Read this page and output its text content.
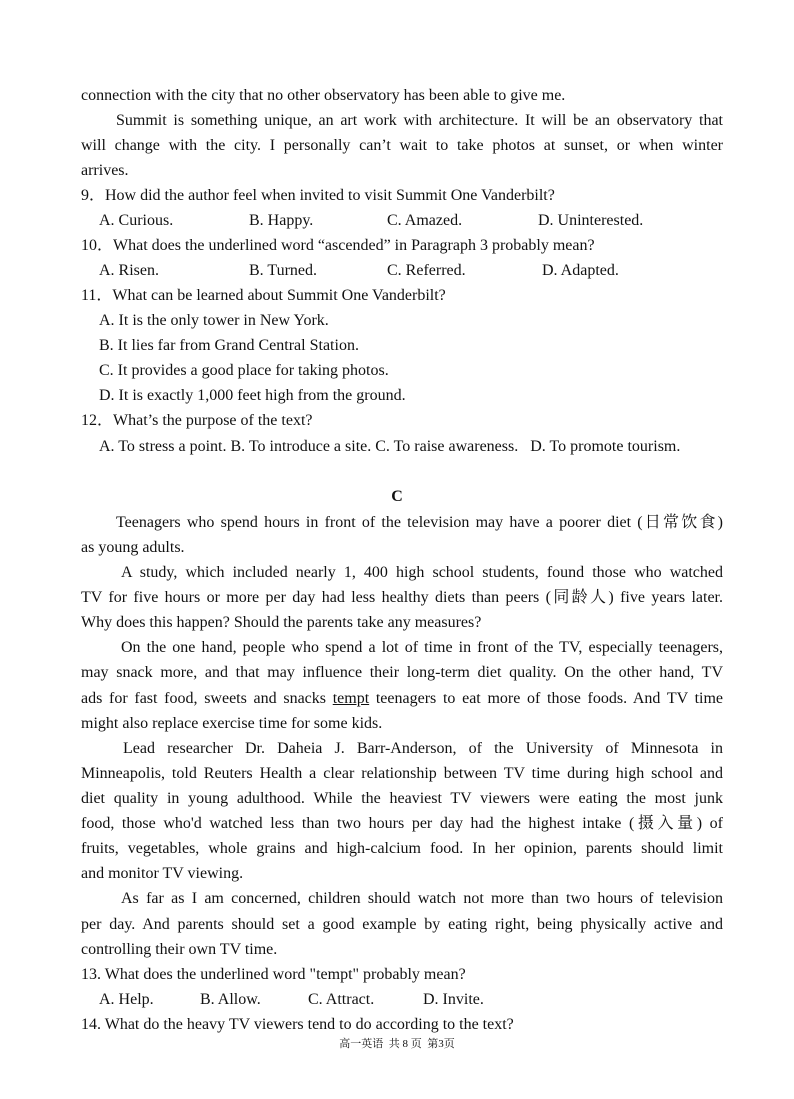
connection with the city that no other observatory has been able to give me.
Summit is something unique, an art work with architecture. It will be an observatory that
will change with the city. I personally can’t wait to take photos at sunset, or when winter
arrives.
9．How did the author feel when invited to visit Summit One Vanderbilt?
A. Curious.	B. Happy.	C. Amazed.	D. Uninterested.
10．What does the underlined word “ascended” in Paragraph 3 probably mean?
A. Risen.	B. Turned.	C. Referred.	D. Adapted.
11．What can be learned about Summit One Vanderbilt?
A. It is the only tower in New York.
B. It lies far from Grand Central Station.
C. It provides a good place for taking photos.
D. It is exactly 1,000 feet high from the ground.
12．What’s the purpose of the text?
A. To stress a point. B. To introduce a site. C. To raise awareness.   D. To promote tourism.
C
Teenagers who spend hours in front of the television may have a poorer diet (日常饮食)
as young adults.
A study, which included nearly 1, 400 high school students, found those who watched
TV for five hours or more per day had less healthy diets than peers (同龄人) five years later.
Why does this happen? Should the parents take any measures?
On the one hand, people who spend a lot of time in front of the TV, especially teenagers,
may snack more, and that may influence their long-term diet quality. On the other hand, TV
ads for fast food, sweets and snacks tempt teenagers to eat more of those foods. And TV time
might also replace exercise time for some kids.
Lead researcher Dr. Daheia J. Barr-Anderson, of the University of Minnesota in
Minneapolis, told Reuters Health a clear relationship between TV time during high school and
diet quality in young adulthood. While the heaviest TV viewers were eating the most junk
food, those who'd watched less than two hours per day had the highest intake (摄入量) of
fruits, vegetables, whole grains and high-calcium food. In her opinion, parents should limit
and monitor TV viewing.
As far as I am concerned, children should watch not more than two hours of television
per day. And parents should set a good example by eating right, being physically active and
controlling their own TV time.
13. What does the underlined word "tempt" probably mean?
A. Help.	B. Allow.	C. Attract.	D. Invite.
14. What do the heavy TV viewers tend to do according to the text?
高一英语  共 8 页  第3页
